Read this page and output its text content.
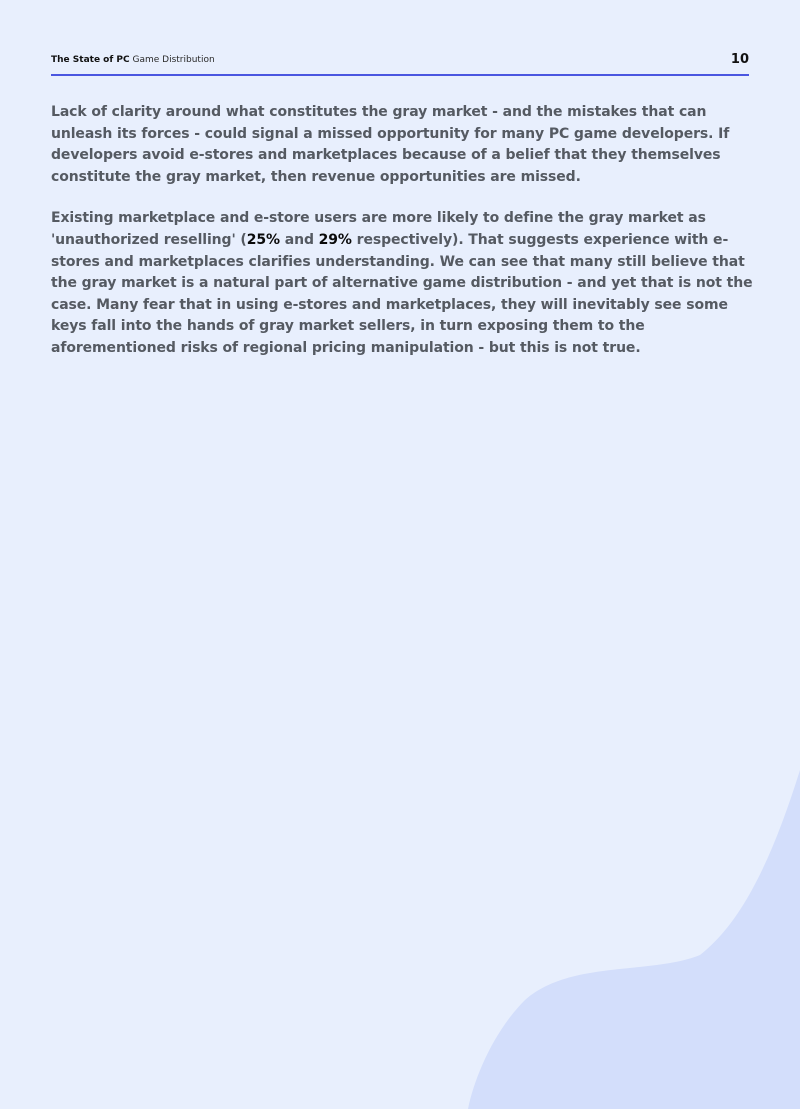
The State of PC Game Distribution	10

Lack of clarity around what constitutes the gray market - and the mistakes that can unleash its forces - could signal a missed opportunity for many PC game developers. If developers avoid e-stores and marketplaces because of a belief that they themselves constitute the gray market, then revenue opportunities are missed.

Existing marketplace and e-store users are more likely to define the gray market as 'unauthorized reselling' (25% and 29% respectively). That suggests experience with e-stores and marketplaces clarifies understanding. We can see that many still believe that the gray market is a natural part of alternative game distribution - and yet that is not the case. Many fear that in using e-stores and marketplaces, they will inevitably see some keys fall into the hands of gray market sellers, in turn exposing them to the aforementioned risks of regional pricing manipulation - but this is not true.
